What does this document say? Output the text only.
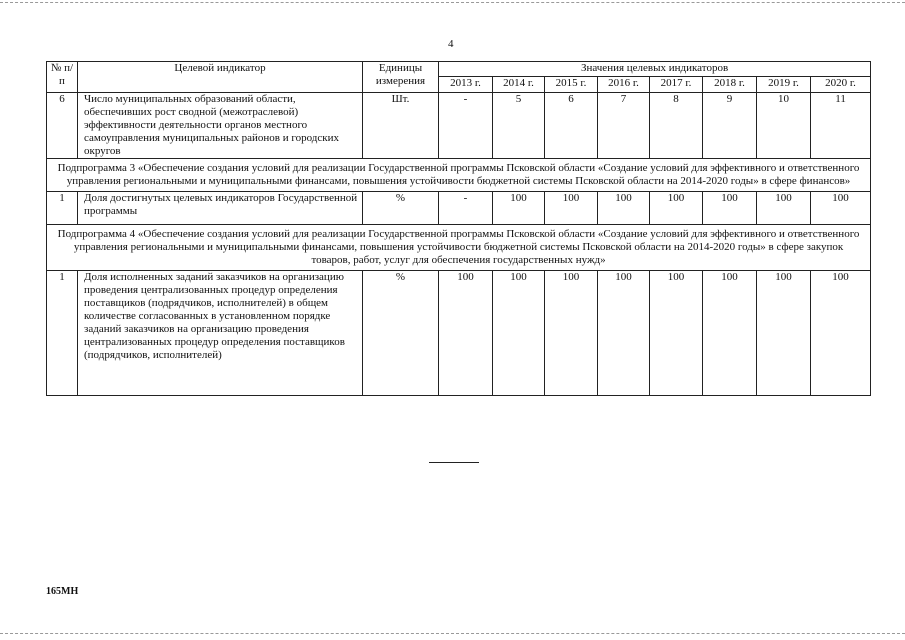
4
№ п/п	Целевой индикатор	Единицы измерения	Значения целевых индикаторов							
			2013 г.	2014 г.	2015 г.	2016 г.	2017 г.	2018 г.	2019 г.	2020 г.
6	Число муниципальных образований области, обеспечивших рост сводной (межотраслевой) эффективности деятельности органов местного самоуправления муниципальных районов и городских округов	Шт.	-	5	6	7	8	9	10	11
Подпрограмма 3 «Обеспечение создания условий для реализации Государственной программы Псковской области «Создание условий для эффективного и ответственного управления региональными и муниципальными финансами, повышения устойчивости бюджетной системы Псковской области на 2014-2020 годы» в сфере финансов»										
1	Доля достигнутых целевых индикаторов Государственной программы	%	-	100	100	100	100	100	100	100
Подпрограмма 4 «Обеспечение создания условий для реализации Государственной программы Псковской области «Создание условий для эффективного и ответственного управления региональными и муниципальными финансами, повышения устойчивости бюджетной системы Псковской области на 2014-2020 годы» в сфере закупок товаров, работ, услуг для обеспечения государственных нужд»										
1	Доля исполненных заданий заказчиков на организацию проведения централизованных процедур определения поставщиков (подрядчиков, исполнителей) в общем количестве согласованных в установленном порядке заданий заказчиков на организацию проведения централизованных процедур определения поставщиков (подрядчиков, исполнителей)	%	100	100	100	100	100	100	100	100
165МН
